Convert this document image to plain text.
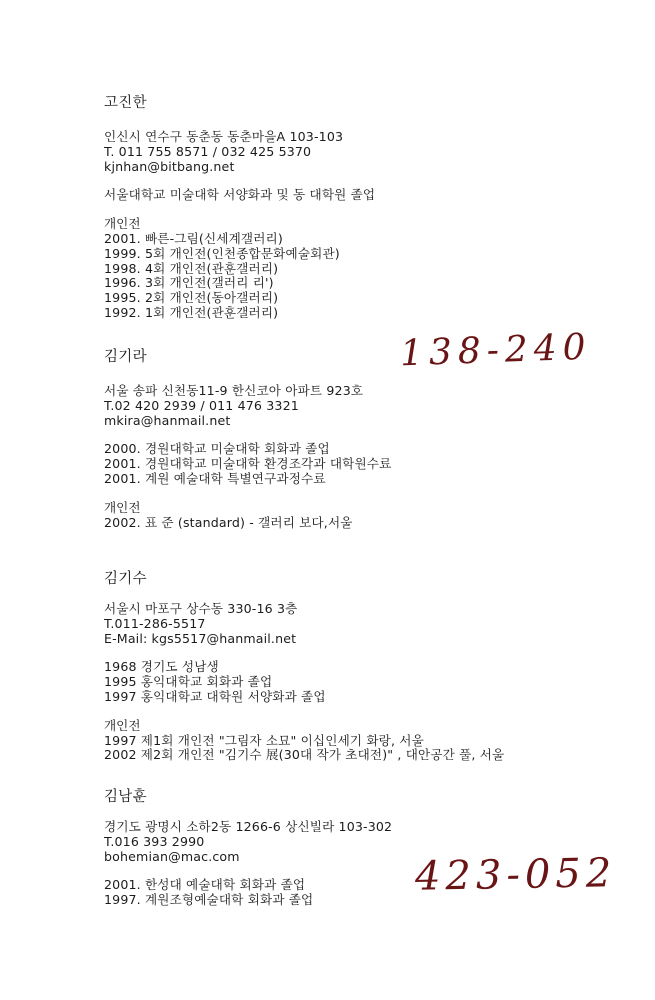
고진한
인신시 연수구 동춘동 동춘마을A 103-103
T. 011 755 8571 / 032 425 5370
kjnhan@bitbang.net
서울대학교 미술대학 서양화과 및 동 대학원 졸업
개인전
2001. 빠른-그림(신세계갤러리)
1999. 5회 개인전(인천종합문화예술회관)
1998. 4회 개인전(관훈갤러리)
1996. 3회 개인전(갤러리 리')
1995. 2회 개인전(동아갤러리)
1992. 1회 개인전(관훈갤러리)
김기라
서울 송파 신천동11-9 한신코아 아파트 923호
T.02 420 2939 / 011 476 3321
mkira@hanmail.net
2000. 경원대학교 미술대학 회화과 졸업
2001. 경원대학교 미술대학 환경조각과 대학원수료
2001. 계원 예술대학 특별연구과정수료
개인전
2002. 표 준 (standard) - 갤러리 보다,서울
김기수
서울시 마포구 상수동 330-16 3층
T.011-286-5517
E-Mail: kgs5517@hanmail.net
1968 경기도 성남생
1995 홍익대학교 회화과 졸업
1997 홍익대학교 대학원 서양화과 졸업
개인전
1997 제1회 개인전 "그림자 소묘" 이십인세기 화랑, 서울
2002 제2회 개인전 "김기수 展(30대 작가 초대전)" , 대안공간 풀, 서울
김남훈
경기도 광명시 소하2동 1266-6 상신빌라 103-302
T.016 393 2990
bohemian@mac.com
2001. 한성대 예술대학 회화과 졸업
1997. 계원조형예술대학 회화과 졸업
138-240
423-052
